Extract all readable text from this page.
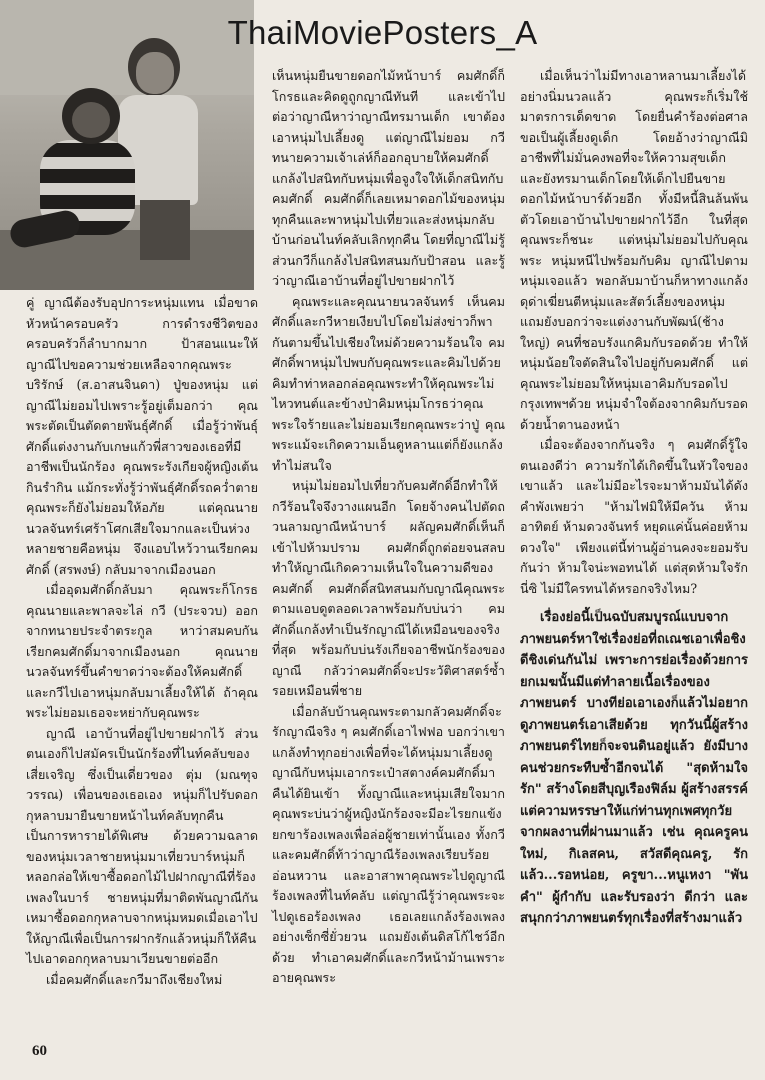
ThaiMoviePosters_A

คู่ ญาณีต้องรับอุปการะหนุ่มแทน เมื่อขาดหัวหน้าครอบครัว การดำรงชีวิตของครอบครัวก็ลำบากมาก ป้าสอนแนะให้ ญาณีไปขอความช่วยเหลือจากคุณพระบริรักษ์ (ส.อาสนจินดา) ปู่ของหนุ่ม แต่ญาณีไม่ยอมไปเพราะรู้อยู่เต็มอกว่า คุณพระตัดเป็นตัดตายพันธุ์ศักดิ์ เมื่อรู้ว่าพันธุ์ศักดิ์แต่งงานกับเกษแก้วพี่สาวของเธอที่มีอาชีพเป็นนักร้อง คุณพระรังเกียจผู้หญิงเต้นกินรำกิน แม้กระทั่งรู้ว่าพันธุ์ศักดิ์รถคว่ำตายคุณพระก็ยังไม่ยอมให้อภัย แต่คุณนายนวลจันทร์เศร้าโศกเสียใจมากและเป็นห่วงหลายชายคือหนุ่ม จึงแอบไหว้วานเรียกคมศักดิ์ (สรพงษ์) กลับมาจากเมืองนอก

เมื่ออุดมศักดิ์กลับมา คุณพระก็โกรธคุณนายและพาลจะไล่ กวี (ประจวบ) ออกจากทนายประจำตระกูล หาว่าสมคบกันเรียกคมศักดิ์มาจากเมืองนอก คุณนายนวลจันทร์ขึ้นคำขาดว่าจะต้องให้คมศักดิ์และกวีไปเอาหนุ่มกลับมาเลี้ยงให้ได้ ถ้าคุณพระไม่ยอมเธอจะหย่ากับคุณพระ

ญาณี เอาบ้านที่อยู่ไปขายฝากไว้ ส่วนตนเองก็ไปสมัครเป็นนักร้องที่ไนท์คลับของเสี่ยเจริญ ซึ่งเป็นเดี่ยวของ ตุ่ม (มณฑุจวรรณ) เพื่อนของเธอเอง หนุ่มก็ไปรับดอกกุหลาบมายืนขายหน้าไนท์คลับทุกคืนเป็นการหารายได้พิเศษ ด้วยความฉลาดของหนุ่มเวลาชายหนุ่มมาเที่ยวบาร์หนุ่มก็หลอกล่อให้เขาซื้อดอกไม้ไปฝากญาณีที่ร้องเพลงในบาร์ ชายหนุ่มที่มาติดพันญาณีกันเหมาซื้อดอกกุหลาบจากหนุ่มหมดเมื่อเอาไปให้ญาณีเพื่อเป็นการฝากรักแล้วหนุ่มก็ให้คืนไปเอาดอกกุหลาบมาเวียนขายต่ออีก

เมื่อคมศักดิ์และกวีมาถึงเชียงใหม่

เห็นหนุ่มยืนขายดอกไม้หน้าบาร์ คมศักดิ์ก็โกรธและคิดดูถูกญาณีทันที และเข้าไปต่อว่าญาณีหาว่าญาณีทรมานเด็ก เขาต้องเอาหนุ่มไปเลี้ยงดู แต่ญาณีไม่ยอม กวีทนายความเจ้าเล่ห์ก็ออกอุบายให้คมศักดิ์แกล้งไปสนิทกับหนุ่มเพื่อจูงใจให้เด็กสนิทกับคมศักดิ์ คมศักดิ์ก็เลยเหมาดอกไม้ของหนุ่มทุกคืนและพาหนุ่มไปเที่ยวและส่งหนุ่มกลับบ้านก่อนไนท์คลับเลิกทุกคืน โดยที่ญาณีไม่รู้ ส่วนกวีก็แกล้งไปสนิทสนมกับป้าสอน และรู้ว่าญาณีเอาบ้านที่อยู่ไปขายฝากไว้

คุณพระและคุณนายนวลจันทร์ เห็นคมศักดิ์และกวีหายเงียบไปโดยไม่ส่งข่าวก็พากันตามขึ้นไปเชียงใหม่ด้วยความร้อนใจ คมศักดิ์พาหนุ่มไปพบกับคุณพระและคิมไปด้วย คิมทำท่าหลอกล่อคุณพระทำให้คุณพระไม่ไหวทนต์และข้างป่าคิมหนุ่มโกรธว่าคุณพระใจร้ายและไม่ยอมเรียกคุณพระว่าปู่ คุณพระแม้จะเกิดความเอ็นดูหลานแต่ก็ยังแกล้งทำไม่สนใจ

หนุ่มไม่ยอมไปเที่ยวกับคมศักดิ์อีกทำให้กวีร้อนใจจึงวางแผนอีก โดยจ้างคนไปตัดถวนลามญาณีหน้าบาร์ ผลัญคมศักดิ์เห็นก็เข้าไปห้ามปราม คมศักดิ์ถูกต่อยจนสลบ ทำให้ญาณีเกิดความเห็นใจในความดีของคมศักดิ์ คมศักดิ์สนิทสนมกับญาณีคุณพระตามแอบดูตลอดเวลาพร้อมกับบ่นว่า คมศักดิ์แกล้งทำเป็นรักญาณีได้เหมือนของจริงที่สุด พร้อมกับบ่นรังเกียจอาชีพนักร้องของญาณี กลัวว่าคมศักดิ์จะประวัติศาสตร์ซ้ำรอยเหมือนพี่ชาย

เมื่อกลับบ้านคุณพระตามกลัวคมศักดิ์จะรักญาณีจริง ๆ คมศักดิ์เอาไฟฟอ บอกว่าเขาแกล้งทำทุกอย่างเพื่อที่จะได้หนุ่มมาเลี้ยงดู ญาณีกับหนุ่มเอากระเป๋าสตางค์คมศักดิ์มาคืนได้ยินเข้า ทั้งญาณีและหนุ่มเสียใจมาก คุณพระบ่นว่าผู้หญิงนักร้องจะมีอะไรยกแข้งยกขาร้องเพลงเพื่อล่อผู้ชายเท่านั้นเอง ทั้งกวีและคมศักดิ์ท้าว่าญาณีร้องเพลงเรียบร้อยอ่อนหวาน และอาสาพาคุณพระไปดูญาณีร้องเพลงที่ไนท์คลับ แต่ญาณีรู้ว่าคุณพระจะไปดูเธอร้องเพลง เธอเลยแกล้งร้องเพลงอย่างเซ็กซี่ยั่วยวน แถมยังเต้นดิสโก้ไชว์อีกด้วย ทำเอาคมศักดิ์และกวีหน้าม้านเพราะอายคุณพระ

เมื่อเห็นว่าไม่มีทางเอาหลานมาเลี้ยงได้อย่างนิ่มนวลแล้ว คุณพระก็เริ่มใช้มาตรการเด็ดขาด โดยยื่นคำร้องต่อศาลขอเป็นผู้เลี้ยงดูเด็ก โดยอ้างว่าญาณีมิอาชีพที่ไม่มั่นคงพอที่จะให้ความสุขเด็ก และยังทรมานเด็กโดยให้เด็กไปยืนขายดอกไม้หน้าบาร์ด้วยอีก ทั้งมีหนี้สินล้นพ้นตัวโดยเอาบ้านไปขายฝากไว้อีก ในที่สุดคุณพระก็ชนะ แต่หนุ่มไม่ยอมไปกับคุณพระ หนุ่มหนีไปพร้อมกับคิม ญาณีไปตามหนุ่มเจอแล้ว พอกลับมาบ้านก็หาทางแกล้งดุด่าเฆี่ยนตีหนุ่มและสัตว์เลี้ยงของหนุ่มแถมยังบอกว่าจะแต่งงานกับพัฒน์(ช้างใหญ่) คนที่ชอบรังแกคิมกับรอดด้วย ทำให้หนุ่มน้อยใจตัดสินใจไปอยู่กับคมศักดิ์ แต่คุณพระไม่ยอมให้หนุ่มเอาคิมกับรอดไปกรุงเทพฯด้วย หนุ่มจำใจต้องจากคิมกับรอดด้วยน้ำตานองหน้า

เมื่อจะต้องจากกันจริง ๆ คมศักดิ์รู้ใจตนเองดีว่า ความรักได้เกิดขึ้นในหัวใจของเขาแล้ว และไม่มีอะไรจะมาห้ามมันได้ดังคำพังเพยว่า "ห้ามไฟมิให้มีควัน ห้ามอาทิตย์ ห้ามดวงจันทร์ หยุดแค่นั้นค่อยห้ามดวงใจ" เพียงแต่นี้ท่านผู้อ่านคงจะยอมรับกันว่า ห้ามใจน่ะพอทนได้ แต่สุดห้ามใจรัก นี่ซิ ไม่มีใครทนได้หรอกจริงไหม?

เรื่องย่อนี้เป็นฉบับสมบูรณ์แบบจากภาพยนตร์หาใช่เรื่องย่อที่ถเณชเอาเพื่อชิงดีชิงเด่นกันไม่ เพราะการย่อเรื่องด้วยการยกเมฆนั้นมีแต่ทำลายเนื้อเรื่องของภาพยนตร์ บางทีย่อเอาเองก็แล้วไม่อยากดูภาพยนตร์เอาเสียด้วย ทุกวันนี้ผู้สร้างภาพยนตร์ไทยก็จะจนดินอยู่แล้ว ยังมีบางคนช่วยกระทืบซ้ำอีกจนได้ "สุดห้ามใจรัก" สร้างโดยสีบุญเรืองฟิล์ม ผู้สร้างสรรค์แต่ความหรรษาให้แก่ท่านทุกเพศทุกวัย จากผลงานที่ผ่านมาแล้ว เช่น คุณครูคนใหม่, กิเลสคน, สวัสดีคุณครู, รักแล้ว...รอหน่อย, ครูขา...หนูเหงา "พันคำ" ผู้กำกับ และรับรองว่า ดีกว่า และสนุกกว่าภาพยนตร์ทุกเรื่องที่สร้างมาแล้ว

60
